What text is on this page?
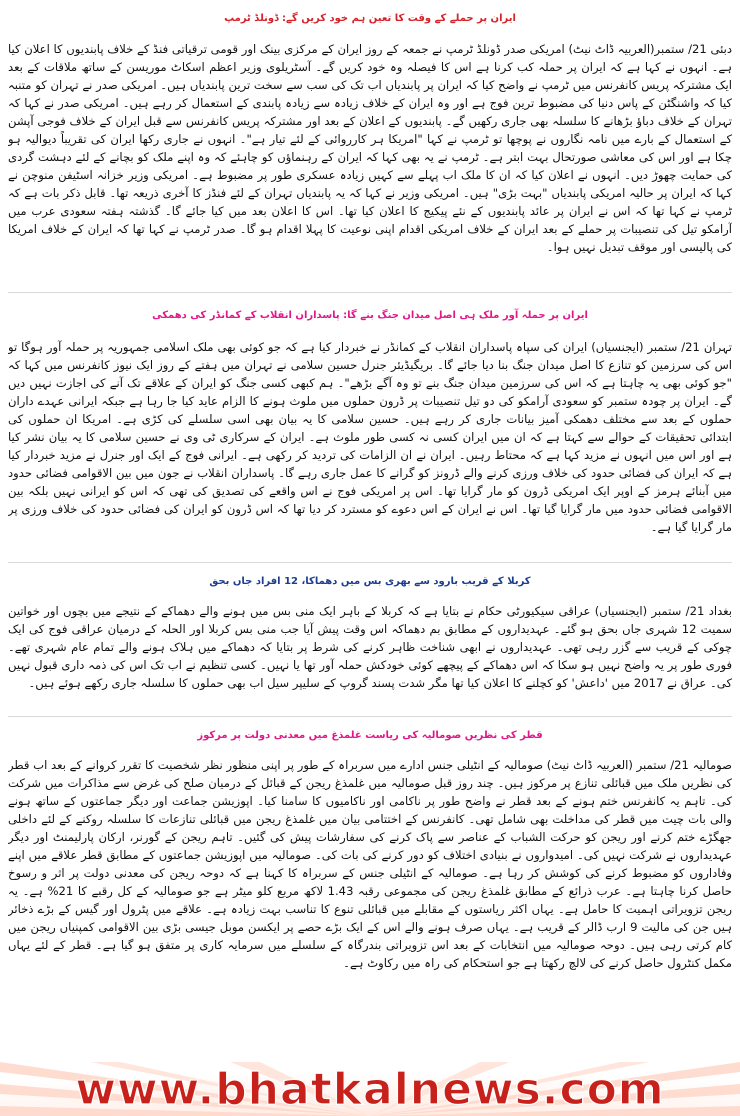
ایران پر حملے کے وقت کا تعین ہم خود کریں گے: ڈونلڈ ٹرمپ

دبئی 21/ ستمبر(العربیہ ڈاٹ نیٹ) امریکی صدر ڈونلڈ ٹرمپ نے جمعہ کے روز ایران کے مرکزی بینک اور قومی ترقیاتی فنڈ کے خلاف پابندیوں کا اعلان کیا ہے۔ انہوں نے کہا ہے کہ ایران پر حملہ کب کرنا ہے اس کا فیصلہ وہ خود کریں گے۔ آسٹریلوی وزیر اعظم اسکاٹ موریسن کے ساتھ ملاقات کے بعد ایک مشترکہ پریس کانفرنس میں ٹرمپ نے واضح کیا کہ ایران پر پابندیاں اب تک کی سب سے سخت ترین پابندیاں ہیں۔ امریکی صدر نے تہران کو متنبہ کیا کہ واشنگٹن کے پاس دنیا کی مضبوط ترین فوج ہے اور وہ ایران کے خلاف زیادہ سے زیادہ پابندی کے استعمال کر رہے ہیں۔ امریکی صدر نے کہا کہ تہران کے خلاف دباؤ بڑھانے کا سلسلہ بھی جاری رکھیں گے۔ پابندیوں کے اعلان کے بعد اور مشترکہ پریس کانفرنس سے قبل ایران کے خلاف فوجی آپشن کے استعمال کے بارے میں نامہ نگاروں نے پوچھا تو ٹرمپ نے کہا "امریکا ہر کارروائی کے لئے تیار ہے"۔ انہوں نے جاری رکھا ایران کی تقریباً دیوالیہ ہو چکا ہے اور اس کی معاشی صورتحال بہت ابتر ہے۔ ٹرمپ نے یہ بھی کہا کہ ایران کے رہنماؤں کو چاہئے کہ وہ اپنے ملک کو بچانے کے لئے دہشت گردی کی حمایت چھوڑ دیں۔ انہوں نے اعلان کیا کہ ان کا ملک اب پہلے سے کہیں زیادہ عسکری طور پر مضبوط ہے۔ امریکی وزیر خزانہ اسٹیفن منوچن نے کہا کہ ایران پر حالیہ امریکی پابندیاں "بہت بڑی" ہیں۔ امریکی وزیر نے کہا کہ یہ پابندیاں تہران کے لئے فنڈز کا آخری ذریعہ تھا۔ قابل ذکر بات ہے کہ ٹرمپ نے کہا تھا کہ اس نے ایران پر عائد پابندیوں کے نئے پیکیج کا اعلان کیا تھا۔ اس کا اعلان بعد میں کیا جائے گا۔ گذشتہ ہفتہ سعودی عرب میں آرامکو تیل کی تنصیبات پر حملے کے بعد ایران کے خلاف امریکی اقدام اپنی نوعیت کا پہلا اقدام ہو گا۔ صدر ٹرمپ نے کہا تھا کہ ایران کے خلاف امریکا کی پالیسی اور موقف تبدیل نہیں ہوا۔

ایران پر حملہ آور ملک ہی اصل میدان جنگ بنے گا: پاسداران انقلاب کے کمانڈر کی دھمکی

تہران 21/ ستمبر (ایجنسیاں) ایران کی سپاہ پاسداران انقلاب کے کمانڈر نے خبردار کیا ہے کہ جو کوئی بھی ملک اسلامی جمہوریہ پر حملہ آور ہوگا تو اس کی سرزمین کو تنازع کا اصل میدان جنگ بنا دیا جائے گا۔ بریگیڈیئر جنرل حسین سلامی نے تہران میں ہفتے کے روز ایک نیوز کانفرنس میں کہا کہ "جو کوئی بھی یہ چاہتا ہے کہ اس کی سرزمین میدان جنگ بنے تو وہ آگے بڑھے"۔ ہم کبھی کسی جنگ کو ایران کے علاقے تک آنے کی اجازت نہیں دیں گے۔ ایران پر چودہ ستمبر کو سعودی آرامکو کی دو تیل تنصیبات پر ڈرون حملوں میں ملوث ہونے کا الزام عاید کیا جا رہا ہے جبکہ ایرانی عہدے داران حملوں کے بعد سے مختلف دھمکی آمیز بیانات جاری کر رہے ہیں۔ حسین سلامی کا یہ بیان بھی اسی سلسلے کی کڑی ہے۔ امریکا ان حملوں کی ابتدائی تحقیقات کے حوالے سے کہتا ہے کہ ان میں ایران کسی نہ کسی طور ملوث ہے۔ ایران کے سرکاری ٹی وی نے حسین سلامی کا یہ بیان نشر کیا ہے اور اس میں انہوں نے مزید کہا ہے کہ محتاط رہیں۔ ایران نے ان الزامات کی تردید کر رکھی ہے۔ ایرانی فوج کے ایک اور جنرل نے مزید خبردار کیا ہے کہ ایران کی فضائی حدود کی خلاف ورزی کرنے والے ڈرونز کو گرانے کا عمل جاری رہے گا۔ پاسداران انقلاب نے جون میں بین الاقوامی فضائی حدود میں آبنائے ہرمز کے اوپر ایک امریکی ڈرون کو مار گرایا تھا۔ اس پر امریکی فوج نے اس واقعے کی تصدیق کی تھی کہ اس کو ایرانی نہیں بلکہ بین الاقوامی فضائی حدود میں مار گرایا گیا تھا۔ اس نے ایران کے اس دعوے کو مسترد کر دیا تھا کہ اس ڈرون کو ایران کی فضائی حدود کی خلاف ورزی پر مار گرایا گیا ہے۔

کربلا کے قریب بارود سے بھری بس میں دھماکا، 12 افراد جاں بحق

بغداد 21/ ستمبر (ایجنسیاں) عراقی سیکیورٹی حکام نے بتایا ہے کہ کربلا کے باہر ایک منی بس میں ہونے والے دھماکے کے نتیجے میں بچوں اور خواتین سمیت 12 شہری جاں بحق ہو گئے۔ عہدیداروں کے مطابق بم دھماکہ اس وقت پیش آیا جب منی بس کربلا اور الحلہ کے درمیان عراقی فوج کی ایک چوکی کے قریب سے گزر رہی تھی۔ عہدیداروں نے ابھی شناخت ظاہر کرنے کی شرط پر بتایا کہ دھماکے میں ہلاک ہونے والے تمام عام شہری تھے۔ فوری طور پر یہ واضح نہیں ہو سکا کہ اس دھماکے کے پیچھے کوئی خودکش حملہ آور تھا یا نہیں۔ کسی تنظیم نے اب تک اس کی ذمہ داری قبول نہیں کی۔ عراق نے 2017 میں 'داعش' کو کچلنے کا اعلان کیا تھا مگر شدت پسند گروپ کے سلیپر سیل اب بھی حملوں کا سلسلہ جاری رکھے ہوئے ہیں۔

قطر کی نظریں صومالیہ کی ریاست غلمذغ میں معدنی دولت پر مرکوز

صومالیہ 21/ ستمبر (العربیہ ڈاٹ نیٹ) صومالیہ کے انٹیلی جنس ادارے میں سربراہ کے طور پر اپنی منظور نظر شخصیت کا تقرر کروانے کے بعد اب قطر کی نظریں ملک میں قبائلی تنازع پر مرکوز ہیں۔ چند روز قبل صومالیہ میں غلمذغ ریجن کے قبائل کے درمیان صلح کی غرض سے مذاکرات میں شرکت کی۔ تاہم یہ کانفرنس ختم ہونے کے بعد قطر نے واضح طور پر ناکامی اور ناکامیوں کا سامنا کیا۔ اپوزیشن جماعت اور دیگر جماعتوں کے ساتھ ہونے والی بات چیت میں قطر کی مداخلت بھی شامل تھی۔ کانفرنس کے اختتامی بیان میں غلمذغ ریجن میں قبائلی تنازعات کا سلسلہ روکنے کے لئے داخلی جھگڑے ختم کرنے اور ریجن کو حرکت الشباب کے عناصر سے پاک کرنے کی سفارشات پیش کی گئیں۔ تاہم ریجن کے گورنر، ارکان پارلیمنٹ اور دیگر عہدیداروں نے شرکت نہیں کی۔ امیدواروں نے بنیادی اختلاف کو دور کرنے کی بات کی۔ صومالیہ میں اپوزیشن جماعتوں کے مطابق قطر علاقے میں اپنے وفاداروں کو مضبوط کرنے کی کوشش کر رہا ہے۔ صومالیہ کے انٹیلی جنس کے سربراہ کا کہنا ہے کہ دوحہ ریجن کی معدنی دولت پر اثر و رسوخ حاصل کرنا چاہتا ہے۔ عرب ذرائع کے مطابق غلمذغ ریجن کی مجموعی رقبہ 1.43 لاکھ مربع کلو میٹر ہے جو صومالیہ کے کل رقبے کا 21% ہے۔ یہ ریجن تزویراتی اہمیت کا حامل ہے۔ یہاں اکثر ریاستوں کے مقابلے میں قبائلی تنوع کا تناسب بہت زیادہ ہے۔ علاقے میں پٹرول اور گیس کے بڑے ذخائر ہیں جن کی مالیت 9 ارب ڈالر کے قریب ہے۔ یہاں صرف ہونے والے اس کے ایک بڑے حصے پر ایکسن موبل جیسی بڑی بین الاقوامی کمپنیاں ریجن میں کام کرتی رہی ہیں۔ دوحہ صومالیہ میں انتخابات کے بعد اس تزویراتی بندرگاہ کے سلسلے میں سرمایہ کاری پر متفق ہو گیا ہے۔ قطر کے لئے یہاں مکمل کنٹرول حاصل کرنے کی لالچ رکھتا ہے جو استحکام کی راہ میں رکاوٹ ہے۔

www.bhatkalnews.com
